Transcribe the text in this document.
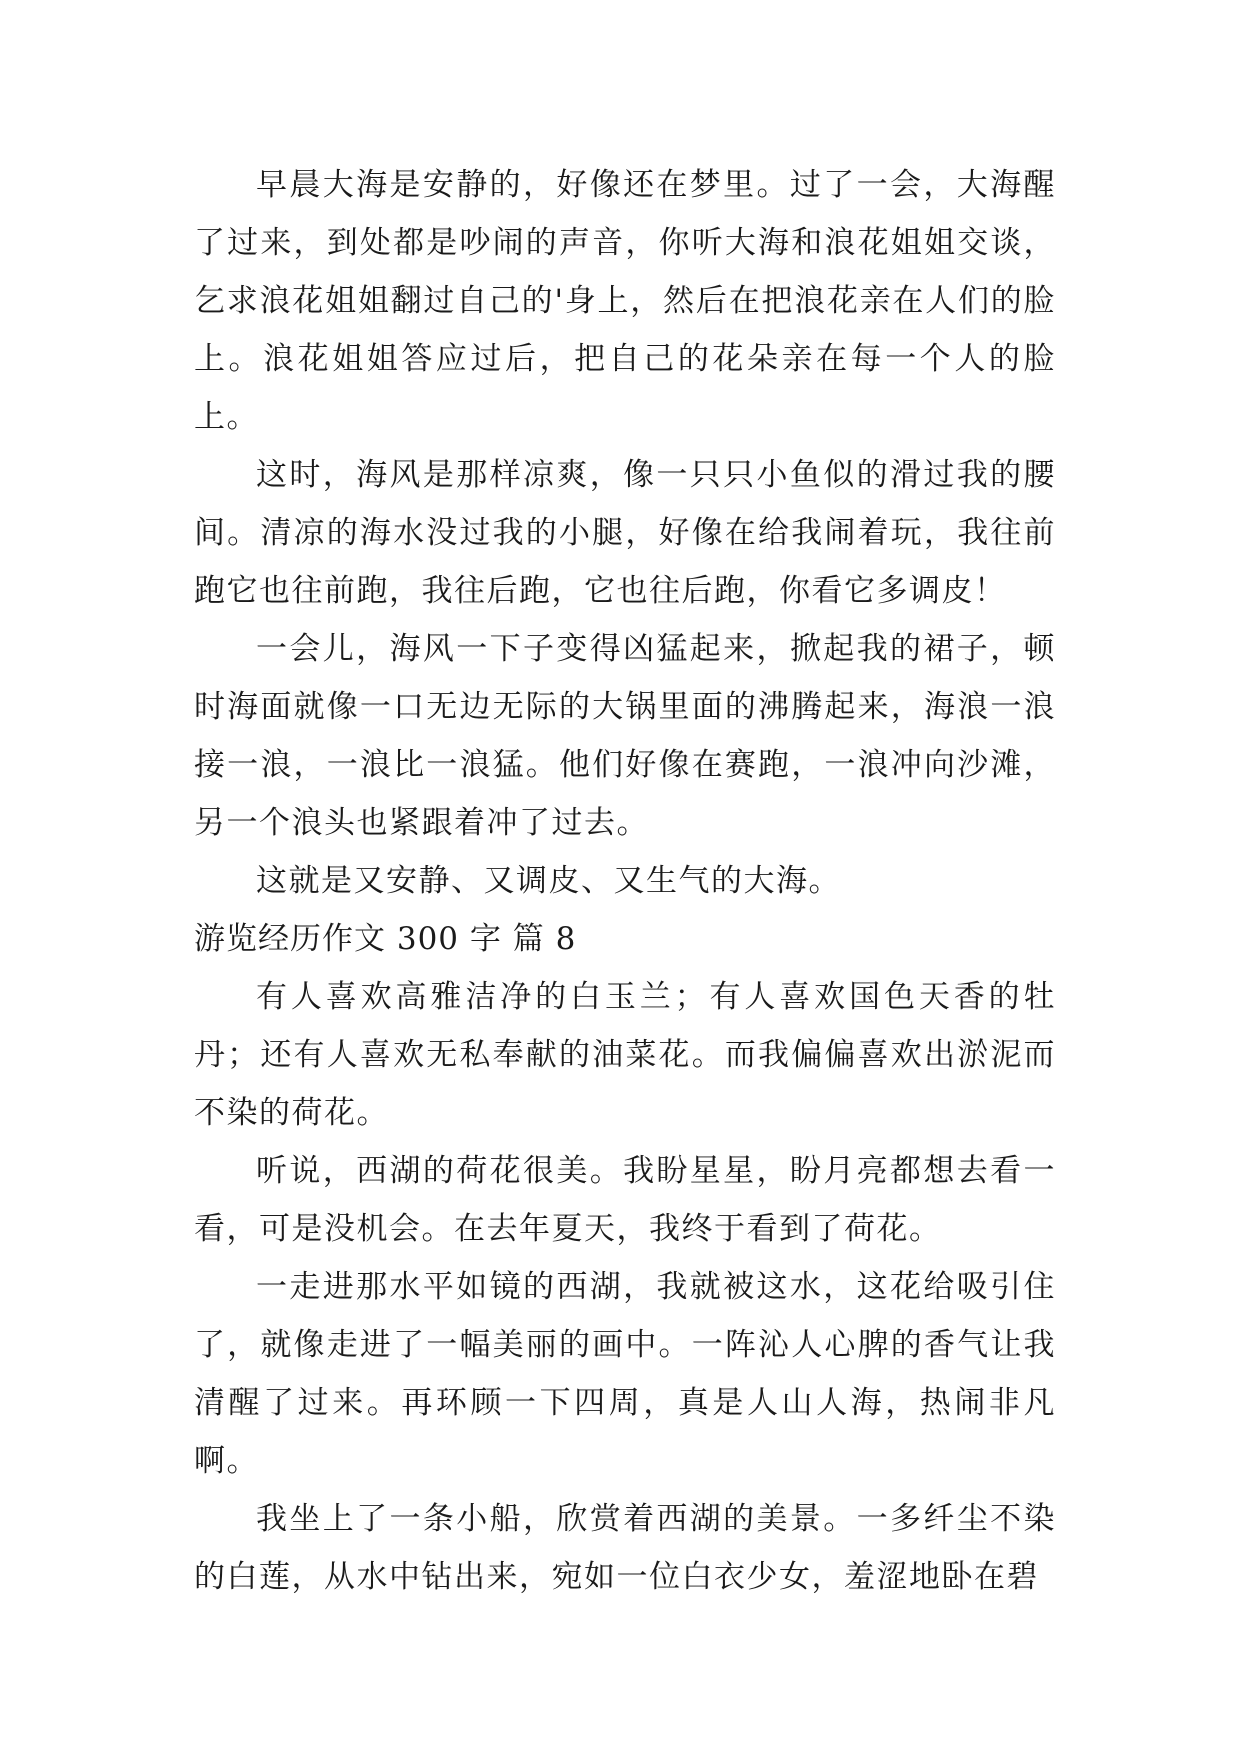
早晨大海是安静的，好像还在梦里。过了一会，大海醒了过来，到处都是吵闹的声音，你听大海和浪花姐姐交谈，乞求浪花姐姐翻过自己的'身上，然后在把浪花亲在人们的脸上。浪花姐姐答应过后，把自己的花朵亲在每一个人的脸上。

这时，海风是那样凉爽，像一只只小鱼似的滑过我的腰间。清凉的海水没过我的小腿，好像在给我闹着玩，我往前跑它也往前跑，我往后跑，它也往后跑，你看它多调皮！

一会儿，海风一下子变得凶猛起来，掀起我的裙子，顿时海面就像一口无边无际的大锅里面的沸腾起来，海浪一浪接一浪，一浪比一浪猛。他们好像在赛跑，一浪冲向沙滩，另一个浪头也紧跟着冲了过去。

这就是又安静、又调皮、又生气的大海。

游览经历作文 300 字 篇 8

有人喜欢高雅洁净的白玉兰；有人喜欢国色天香的牡丹；还有人喜欢无私奉献的油菜花。而我偏偏喜欢出淤泥而不染的荷花。

听说，西湖的荷花很美。我盼星星，盼月亮都想去看一看，可是没机会。在去年夏天，我终于看到了荷花。

一走进那水平如镜的西湖，我就被这水，这花给吸引住了，就像走进了一幅美丽的画中。一阵沁人心脾的香气让我清醒了过来。再环顾一下四周，真是人山人海，热闹非凡啊。

我坐上了一条小船，欣赏着西湖的美景。一多纤尘不染的白莲，从水中钻出来，宛如一位白衣少女，羞涩地卧在碧
